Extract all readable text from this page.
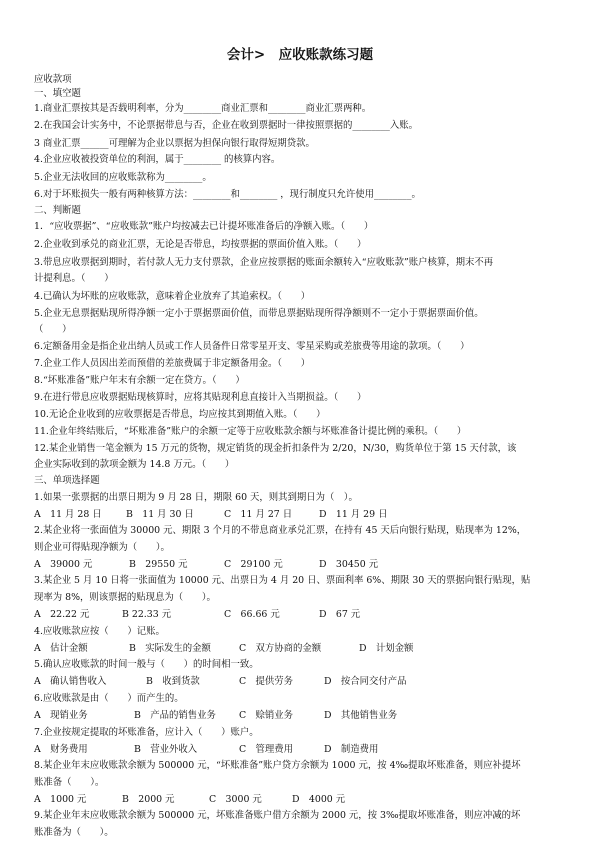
会计>　应收账款练习题
应收款项
一、填空题
1.商业汇票按其是否载明利率，分为________商业汇票和________商业汇票两种。
2.在我国会计实务中，不论票据带息与否，企业在收到票据时一律按照票据的________入账。
3 商业汇票______可理解为企业以票据为担保向银行取得短期贷款。
4.企业应收被投资单位的利润，属于________ 的核算内容。
5.企业无法收回的应收账款称为________。
6.对于坏账损失一般有两种核算方法：________和________ ，现行制度只允许使用________。
二、判断题
1．“应收票据”、“应收账款”账户均按减去已计提坏账准备后的净额入账。（　　）
2.企业收到承兑的商业汇票，无论是否带息，均按票据的票面价值入账。（　　）
3.带息应收票据到期时，若付款人无力支付票款，企业应按票据的账面余额转入“应收账款”账户核算，期末不再
计提利息。（　　）
4.已确认为坏账的应收账款，意味着企业放弃了其追索权。（　　）
5.企业无息票据贴现所得净额一定小于票据票面价值，而带息票据贴现所得净额则不一定小于票据票面价值。
（　　）
6.定额备用金是指企业出纳人员或工作人员备件日常零星开支、零星采购或差旅费等用途的款项。（　　）
7.企业工作人员因出差而预借的差旅费属于非定额备用金。（　　）
8.“坏账准备”账户年末有余额一定在贷方。（　　）
9.在进行带息应收票据贴现核算时，应将其贴现利息直接计入当期损益。（　　）
10.无论企业收到的应收票据是否带息，均应按其到期值入账。（　　）
11.企业年终结账后，“坏账准备”账户的余额一定等于应收账款余额与坏账准备计提比例的乘积。（　　）
12.某企业销售一笔金额为 15 万元的货物，规定销货的现金折扣条件为 2/20，N/30，购货单位于第 15 天付款，该
企业实际收到的款项金额为 14.8 万元。（　　）
三、单项选择题
1.如果一张票据的出票日期为 9 月 28 日，期限 60 天，则其到期日为（　）。
A　11 月 28 日	B　11 月 30 日	C　11 月 27 日	D　11 月 29 日
2.某企业将一张面值为 30000 元、期限 3 个月的不带息商业承兑汇票，在持有 45 天后向银行贴现，贴现率为 12%，
则企业可得贴现净额为（　　）。
A　39000 元	B　29550 元	C　29100 元	D　30450 元
3.某企业 5 月 10 日将一张面值为 10000 元、出票日为 4 月 20 日、票面利率 6%、期限 30 天的票据向银行贴现，贴
现率为 8%，则该票据的贴现息为（　　）。
A　22.22 元	B 22.33 元	C　66.66 元	D　67 元
4.应收账款应按（　　）记账。
A　估计金额	B　实际发生的金额	C　双方协商的金额	D　计划金额
5.确认应收账款的时间一般与（　　）的时间相一致。
A　确认销售收入	B　收到货款	C　提供劳务	D　按合同交付产品
6.应收账款是由（　　）而产生的。
A　现销业务	B　产品的销售业务 C　赊销业务	D　其他销售业务
7.企业按规定提取的坏账准备，应计入（　　）账户。
A　财务费用	B　营业外收入	C　管理费用	D　制造费用
8.某企业年末应收账款余额为 500000 元，“坏账准备”账户贷方余额为 1000 元，按 4‰提取坏账准备，则应补提坏
账准备（　　）。
A　1000 元	B　2000 元	C　3000 元	D　4000 元
9.某企业年末应收账款余额为 500000 元，坏账准备账户借方余额为 2000 元，按 3‰提取坏账准备，则应冲减的坏
账准备为（　　）。
